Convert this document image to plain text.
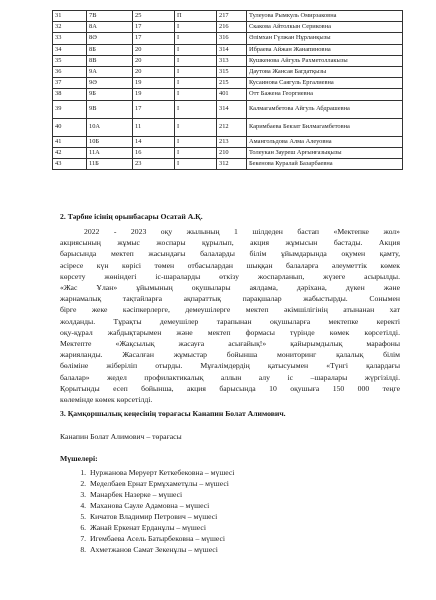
31	7В	25	П	217	Тулеуова Рымкуль Омирзаковна
32	8А	17	I	216	Скакова Айтолкын Сериковна
33	8Ә	17	I	316	Әлімхан Гүлжан Нұрланқызы
34	8Б	20	I	314	Ибраева Айжан Жанапиновна
35	8В	20	I	313	Кушкенова Айгуль Рахметоллакызы
36	9А	20	I	315	Даутова Жансая Багдатқызы
37	9Ә	19	I	215	Кусаинова Саягуль Ергалиевна
38	9Б	19	I	401	Отт Бажена Георгиевна
39	9В	17	I	314	Калмагамбетова Айгуль Абдрашевна
40	10А	11	I	212	Каримбаева Бекзат Билмагамбетовна
41	10Б	14	I	213	Амангольдова Алма Алеуовна
42	11А	16	I	210	Толеукан Зауреш Арғынғазықызы
43	11Б	23	I	312	Бекенова Куралай Базарбаевна
2. Тәрбие ісінің орынбасары Осатай А.Қ.
2022 - 2023 оқу жылының 1 шілдеден бастап «Мектепке жол»
акциясының жұмыс жоспары құрылып, акция жұмысын бастады. Акция
барысында мектеп жасындағы балаларды білім ұйымдарында оқумен қамту,
әсіресе күн көрісі төмен отбасылардан шыққан балаларға әлеуметтік көмек
көрсету жөніндегі іс-шараларды өткізу жоспарланып, жүзеге асырылды.
«Жас Ұлан» ұйымының оқушылары аялдама, дәріхана, дүкен және
жарнамалық тақтайларға ақпараттық парақшалар жабыстырды. Сонымен
бірге жеке кәсіпкерлерге, демеушілерге мектеп әкімшілігінің атынанан хат
жолданды. Тұрақты демеушілер тарапынан оқушыларға мектепке керекті
оқу-құрал жабдықтарымен және мектеп формасы түрінде көмек көрсетілді.
Мектепте «Жақсылық жасауға асығайық!» қайырымдылық марафоны
жарияланды. Жасалған жұмыстар бойынша мониторинг қалалық білім
бөліміне жіберіліп отырды. Мұғалімдердің қатысуымен «Түнгі қалардағы
балалар» жедел профилактикалық аллын алу іс –шаралары жүргізілді.
Қорытынды есеп бойынша, акция барысында 10 оқушыға 150 000 теңге
көлемінде көмек көрсетілді.
3. Қамқоршылық кеңесінің төрағасы Канапин Болат Алимович.
Канапин Болат Алимович – төрағасы
Мүшелері:
1. Нуржанова Меруерт Кеткебековна – мүшесі
2. Меделбаев Ернат Ермұхаметұлы – мүшесі
3. Манарбек Назерке – мүшесі
4. Маханова Сауле Адамовна – мүшесі
5. Кичатов Владимир Петрович – мүшесі
6. Жанай Еркенат Ерданұлы – мүшесі
7. Игембаева Асель Батырбековна – мүшесі
8. Ахметжанов Самат Зекенұлы – мүшесі
